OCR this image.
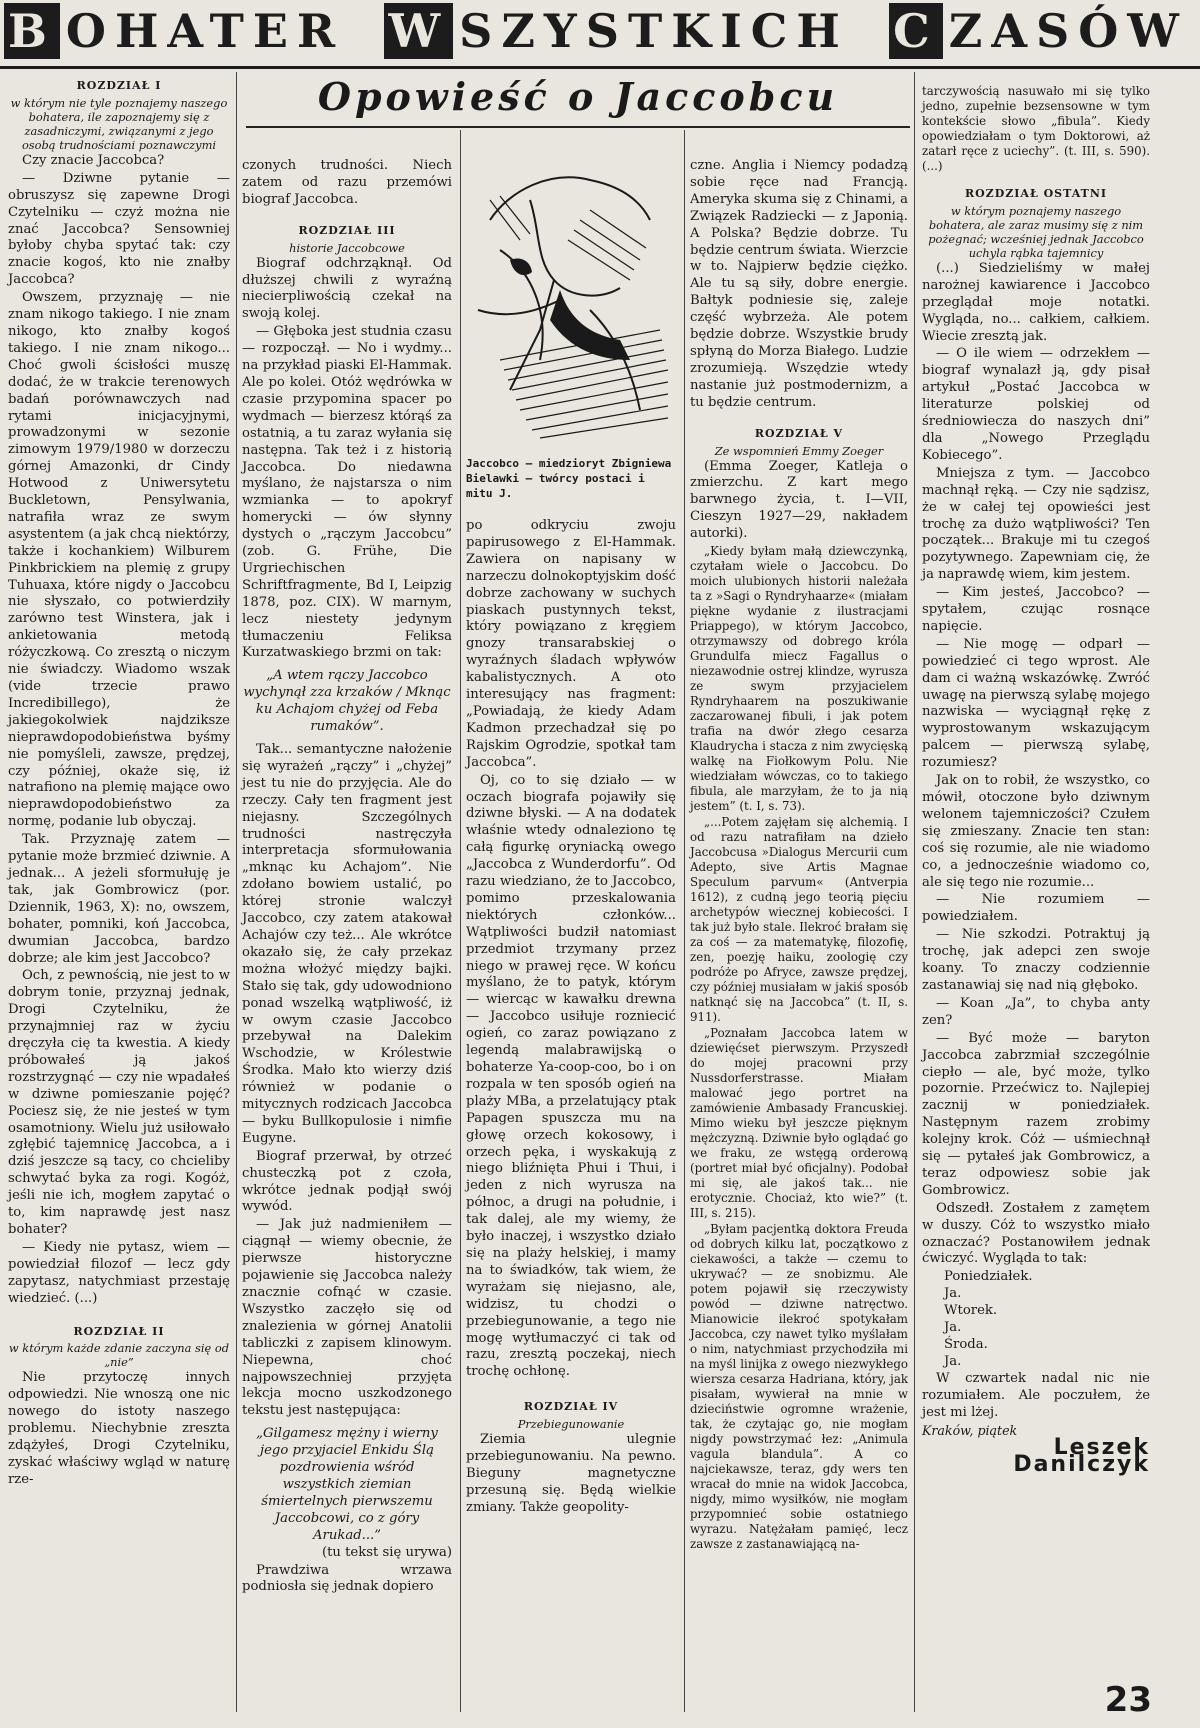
B OHATER W SZYSTKICH C ZASÓW
Opowieść o Jaccobcu

ROZDZIAŁ I

w którym nie tyle poznajemy naszego bohatera, ile zapoznajemy się z zasadniczymi, związanymi z jego osobą trudnościami poznawczymi

Czy znacie Jaccobca?

— Dziwne pytanie — obruszysz się zapewne Drogi Czytelniku — czyż można nie znać Jaccobca? Sensowniej byłoby chyba spytać tak: czy znacie kogoś, kto nie znałby Jaccobca?

Owszem, przyznaję — nie znam nikogo takiego. I nie znam nikogo, kto znałby kogoś takiego. I nie znam nikogo... Choć gwoli ścisłości muszę dodać, że w trakcie terenowych badań porównawczych nad rytami inicjacyjnymi, prowadzonymi w sezonie zimowym 1979/1980 w dorzeczu górnej Amazonki, dr Cindy Hotwood z Uniwersytetu Buckletown, Pensylwania, natrafiła wraz ze swym asystentem (a jak chcą niektórzy, także i kochankiem) Wilburem Pinkbrickiem na plemię z grupy Tuhuaxa, które nigdy o Jaccobcu nie słyszało, co potwierdziły zarówno test Winstera, jak i ankietowania metodą różyczkową. Co zresztą o niczym nie świadczy. Wiadomo wszak (vide trzecie prawo Incredibillego), że jakiegokolwiek najdziksze nieprawdopodobieństwa byśmy nie pomyśleli, zawsze, prędzej, czy później, okaże się, iż natrafiono na plemię mające owo nieprawdopodobieństwo za normę, podanie lub obyczaj.

Tak. Przyznaję zatem — pytanie może brzmieć dziwnie. A jednak... A jeżeli sformułuję je tak, jak Gombrowicz (por. Dziennik, 1963, X): no, owszem, bohater, pomniki, koń Jaccobca, dwumian Jaccobca, bardzo dobrze; ale kim jest Jaccobco?

Och, z pewnością, nie jest to w dobrym tonie, przyznaj jednak, Drogi Czytelniku, że przynajmniej raz w życiu dręczyła cię ta kwestia. A kiedy próbowałeś ją jakoś rozstrzygnąć — czy nie wpadałeś w dziwne pomieszanie pojęć? Pociesz się, że nie jesteś w tym osamotniony. Wielu już usiłowało zgłębić tajemnicę Jaccobca, a i dziś jeszcze są tacy, co chcieliby schwytać byka za rogi. Kogóż, jeśli nie ich, mogłem zapytać o to, kim naprawdę jest nasz bohater?

— Kiedy nie pytasz, wiem — powiedział filozof — lecz gdy zapytasz, natychmiast przestaję wiedzieć. (...)

ROZDZIAŁ II

w którym każde zdanie zaczyna się od „nie”

Nie przytoczę innych odpowiedzi. Nie wnoszą one nic nowego do istoty naszego problemu. Niechybnie zreszta zdążyłeś, Drogi Czytelniku, zyskać właściwy wgląd w naturę rze-

czonych trudności. Niech zatem od razu przemówi biograf Jaccobca.

ROZDZIAŁ III

historie Jaccobcowe

Biograf odchrząknął. Od dłuższej chwili z wyraźną niecierpliwością czekał na swoją kolej.

— Głęboka jest studnia czasu — rozpoczął. — No i wydmy... na przykład piaski El-Hammak. Ale po kolei. Otóż wędrówka w czasie przypomina spacer po wydmach — bierzesz którąś za ostatnią, a tu zaraz wyłania się następna. Tak też i z historią Jaccobca. Do niedawna myślano, że najstarsza o nim wzmianka — to apokryf homerycki — ów słynny dystych o „rączym Jaccobcu” (zob. G. Frühe, Die Urgriechischen Schriftfragmente, Bd I, Leipzig 1878, poz. CIX). W marnym, lecz niestety jedynym tłumaczeniu Feliksa Kurzatwaskiego brzmi on tak:

„A wtem rączy Jaccobco wychynął zza krzaków / Mknąc ku Achajom chyżej od Feba rumaków”.

Tak... semantyczne nałożenie się wyrażeń „rączy” i „chyżej” jest tu nie do przyjęcia. Ale do rzeczy. Cały ten fragment jest niejasny. Szczególnych trudności nastręczyła interpretacja sformułowania „mknąc ku Achajom”. Nie zdołano bowiem ustalić, po której stronie walczył Jaccobco, czy zatem atakował Achajów czy też... Ale wkrótce okazało się, że cały przekaz można włożyć między bajki. Stało się tak, gdy udowodniono ponad wszelką wątpliwość, iż w owym czasie Jaccobco przebywał na Dalekim Wschodzie, w Królestwie Środka. Mało kto wierzy dziś również w podanie o mitycznych rodzicach Jaccobca — byku Bullkopulosie i nimfie Eugyne.

Biograf przerwał, by otrzeć chusteczką pot z czoła, wkrótce jednak podjął swój wywód.

— Jak już nadmieniłem — ciągnął — wiemy obecnie, że pierwsze historyczne pojawienie się Jaccobca należy znacznie cofnąć w czasie. Wszystko zaczęło się od znalezienia w górnej Anatolii tabliczki z zapisem klinowym. Niepewna, choć najpowszechniej przyjęta lekcja mocno uszkodzonego tekstu jest następująca:

„Gilgamesz mężny i wierny jego przyjaciel Enkidu Ślą pozdrowienia wśród wszystkich ziemian śmiertelnych pierwszemu Jaccobcowi, co z góry Arukad...”

(tu tekst się urywa)

Prawdziwa wrzawa podniosła się jednak dopiero

Jaccobco — miedzioryt Zbigniewa Bielawki — twórcy postaci i mitu J.

po odkryciu zwoju papirusowego z El-Hammak. Zawiera on napisany w narzeczu dolnokoptyjskim dość dobrze zachowany w suchych piaskach pustynnych tekst, który powiązano z kręgiem gnozy transarabskiej o wyraźnych śladach wpływów kabalistycznych. A oto interesujący nas fragment: „Powiadają, że kiedy Adam Kadmon przechadzał się po Rajskim Ogrodzie, spotkał tam Jaccobca”.

Oj, co to się działo — w oczach biografa pojawiły się dziwne błyski. — A na dodatek właśnie wtedy odnaleziono tę całą figurkę oryniacką owego „Jaccobca z Wunderdorfu”. Od razu wiedziano, że to Jaccobco, pomimo przeskalowania niektórych członków... Wątpliwości budził natomiast przedmiot trzymany przez niego w prawej ręce. W końcu myślano, że to patyk, którym — wiercąc w kawałku drewna — Jaccobco usiłuje rozniecić ogień, co zaraz powiązano z legendą malabrawijską o bohaterze Ya-coop-coo, bo i on rozpala w ten sposób ogień na plaży MBa, a przelatujący ptak Papagen spuszcza mu na głowę orzech kokosowy, i orzech pęka, i wyskakują z niego bliźnięta Phui i Thui, i jeden z nich wyrusza na północ, a drugi na południe, i tak dalej, ale my wiemy, że było inaczej, i wszystko działo się na plaży helskiej, i mamy na to świadków, tak wiem, że wyrażam się niejasno, ale, widzisz, tu chodzi o przebiegunowanie, a tego nie mogę wytłumaczyć ci tak od razu, zresztą poczekaj, niech trochę ochłonę.

ROZDZIAŁ IV

Przebiegunowanie

Ziemia ulegnie przebiegunowaniu. Na pewno. Bieguny magnetyczne przesuną się. Będą wielkie zmiany. Także geopolity-

czne. Anglia i Niemcy podadzą sobie ręce nad Francją. Ameryka skuma się z Chinami, a Związek Radziecki — z Japonią. A Polska? Będzie dobrze. Tu będzie centrum świata. Wierzcie w to. Najpierw będzie ciężko. Ale tu są siły, dobre energie. Bałtyk podniesie się, zaleje część wybrzeża. Ale potem będzie dobrze. Wszystkie brudy spłyną do Morza Białego. Ludzie zrozumieją. Wszędzie wtedy nastanie już postmodernizm, a tu będzie centrum.

ROZDZIAŁ V

Ze wspomnień Emmy Zoeger

(Emma Zoeger, Katleja o zmierzchu. Z kart mego barwnego życia, t. I—VII, Cieszyn 1927—29, nakładem autorki).

„Kiedy byłam małą dziewczynką, czytałam wiele o Jaccobcu. Do moich ulubionych historii należała ta z »Sagi o Ryndryhaarze« (miałam piękne wydanie z ilustracjami Priappego), w którym Jaccobco, otrzymawszy od dobrego króla Grundulfa miecz Fagallus o niezawodnie ostrej klindze, wyrusza ze swym przyjacielem Ryndryhaarem na poszukiwanie zaczarowanej fibuli, i jak potem trafia na dwór złego cesarza Klaudrycha i stacza z nim zwycięską walkę na Fiołkowym Polu. Nie wiedziałam wówczas, co to takiego fibula, ale marzyłam, że to ja nią jestem” (t. I, s. 73).

„...Potem zajęłam się alchemią. I od razu natrafiłam na dzieło Jaccobcusa »Dialogus Mercurii cum Adepto, sive Artis Magnae Speculum parvum« (Antverpia 1612), z cudną jego teorią pięciu archetypów wiecznej kobiecości. I tak już było stale. Ilekroć brałam się za coś — za matematykę, filozofię, zen, poezję haiku, zoologię czy podróże po Afryce, zawsze prędzej, czy później musiałam w jakiś sposób natknąć się na Jaccobca” (t. II, s. 911).

„Poznałam Jaccobca latem w dziewięćset pierwszym. Przyszedł do mojej pracowni przy Nussdorferstrasse. Miałam malować jego portret na zamówienie Ambasady Francuskiej. Mimo wieku był jeszcze pięknym mężczyzną. Dziwnie było oglądać go we fraku, ze wstęgą orderową (portret miał być oficjalny). Podobał mi się, ale jakoś tak... nie erotycznie. Chociaż, kto wie?” (t. III, s. 215).

„Byłam pacjentką doktora Freuda od dobrych kilku lat, początkowo z ciekawości, a także — czemu to ukrywać? — ze snobizmu. Ale potem pojawił się rzeczywisty powód — dziwne natręctwo. Mianowicie ilekroć spotykałam Jaccobca, czy nawet tylko myślałam o nim, natychmiast przychodziła mi na myśl linijka z owego niezwykłego wiersza cesarza Hadriana, który, jak pisałam, wywierał na mnie w dzieciństwie ogromne wrażenie, tak, że czytając go, nie mogłam nigdy powstrzymać łez: „Animula vagula blandula”. A co najciekawsze, teraz, gdy wers ten wracał do mnie na widok Jaccobca, nigdy, mimo wysiłków, nie mogłam przypomnieć sobie ostatniego wyrazu. Natężałam pamięć, lecz zawsze z zastanawiającą na-

tarczywością nasuwało mi się tylko jedno, zupełnie bezsensowne w tym kontekście słowo „fibula”. Kiedy opowiedziałam o tym Doktorowi, aż zatarł ręce z uciechy”. (t. III, s. 590). (...)

ROZDZIAŁ OSTATNI

w którym poznajemy naszego bohatera, ale zaraz musimy się z nim pożegnać; wcześniej jednak Jaccobco uchyla rąbka tajemnicy

(...) Siedzieliśmy w małej narożnej kawiarence i Jaccobco przeglądał moje notatki. Wygląda, no... całkiem, całkiem. Wiecie zresztą jak.

— O ile wiem — odrzekłem — biograf wynalazł ją, gdy pisał artykuł „Postać Jaccobca w literaturze polskiej od średniowiecza do naszych dni” dla „Nowego Przeglądu Kobiecego”.

Mniejsza z tym. — Jaccobco machnął ręką. — Czy nie sądzisz, że w całej tej opowieści jest trochę za dużo wątpliwości? Ten początek... Brakuje mi tu czegoś pozytywnego. Zapewniam cię, że ja naprawdę wiem, kim jestem.

— Kim jesteś, Jaccobco? — spytałem, czując rosnące napięcie.

— Nie mogę — odparł — powiedzieć ci tego wprost. Ale dam ci ważną wskazówkę. Zwróć uwagę na pierwszą sylabę mojego nazwiska — wyciągnął rękę z wyprostowanym wskazującym palcem — pierwszą sylabę, rozumiesz?

Jak on to robił, że wszystko, co mówił, otoczone było dziwnym welonem tajemniczości? Czułem się zmieszany. Znacie ten stan: coś się rozumie, ale nie wiadomo co, a jednocześnie wiadomo co, ale się tego nie rozumie...

— Nie rozumiem — powiedziałem.

— Nie szkodzi. Potraktuj ją trochę, jak adepci zen swoje koany. To znaczy codziennie zastanawiaj się nad nią głęboko.

— Koan „Ja”, to chyba anty zen?

— Być może — baryton Jaccobca zabrzmiał szczególnie ciepło — ale, być może, tylko pozornie. Przećwicz to. Najlepiej zacznij w poniedziałek. Następnym razem zrobimy kolejny krok. Cóż — uśmiechnął się — pytałeś jak Gombrowicz, a teraz odpowiesz sobie jak Gombrowicz.

Odszedł. Zostałem z zamętem w duszy. Cóż to wszystko miało oznaczać? Postanowiłem jednak ćwiczyć. Wygląda to tak:

Poniedziałek.

Ja.

Wtorek.

Ja.

Środa.

Ja.

W czwartek nadal nic nie rozumiałem. Ale poczułem, że jest mi lżej.

Kraków, piątek

Leszek Danilczyk

23
